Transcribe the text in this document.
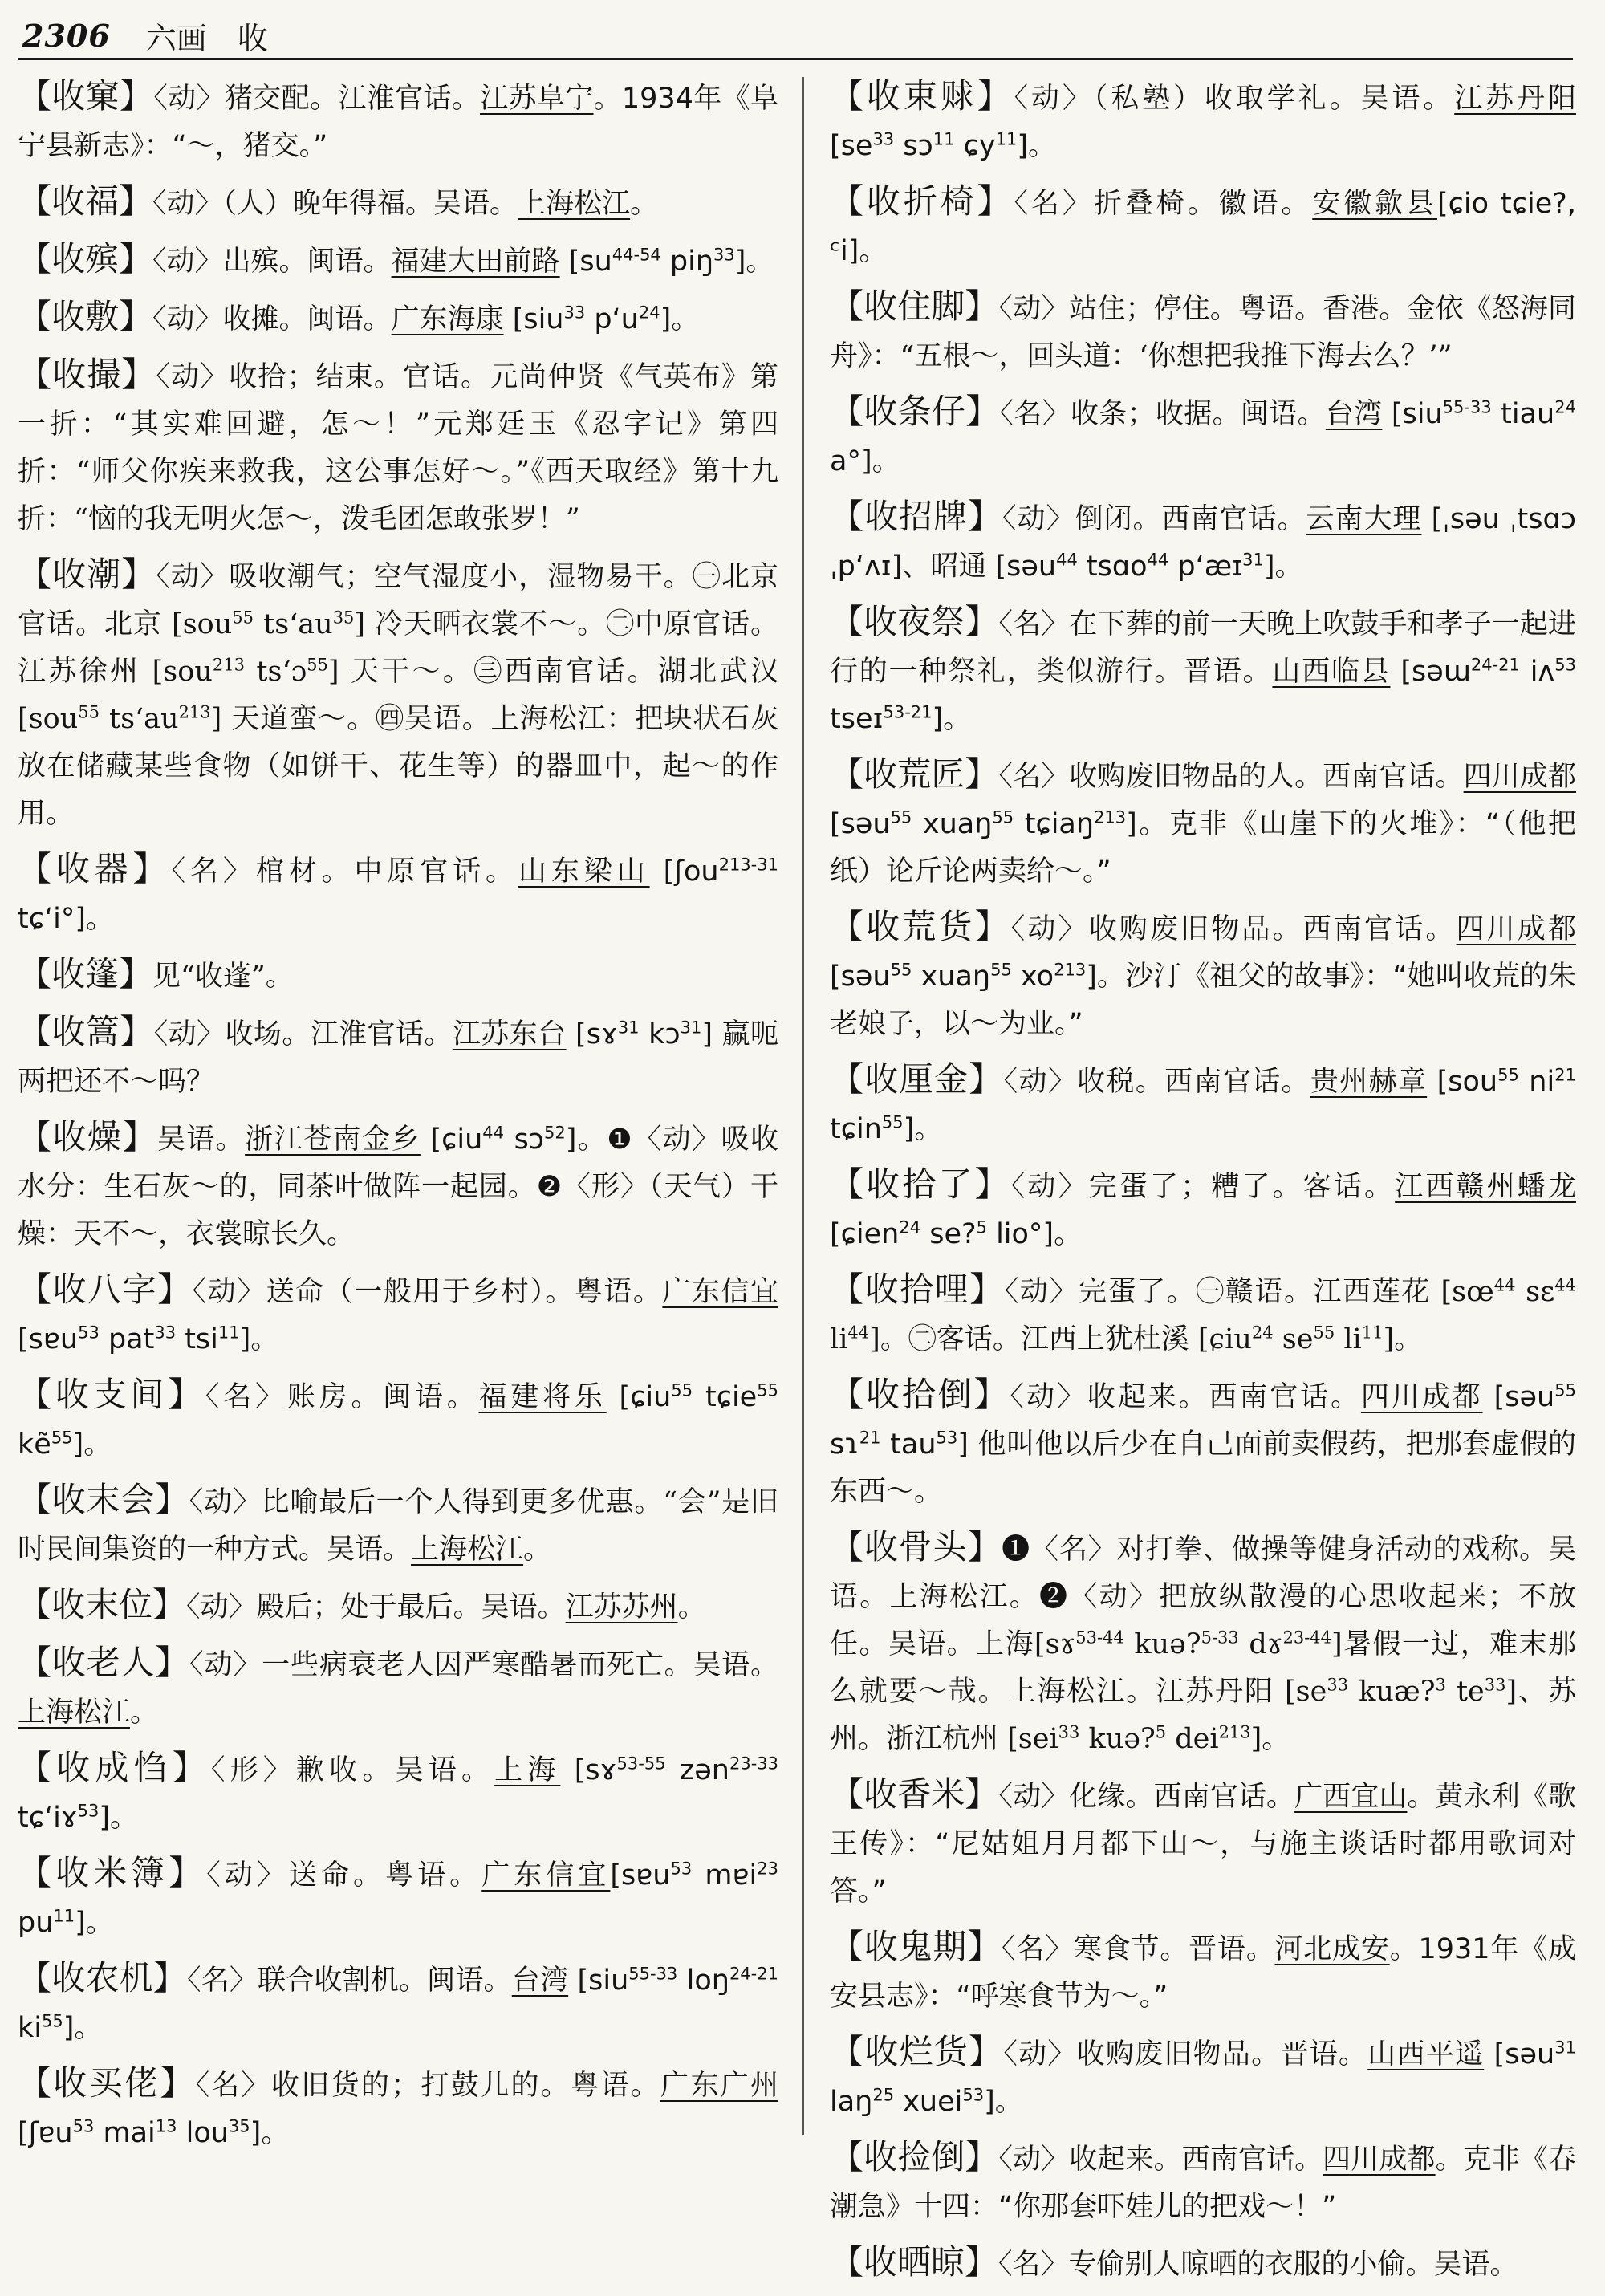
2306 六画　收
【收窠】〈动〉猪交配。江淮官话。江苏阜宁。1934年《阜宁县新志》：“～，猪交。”
【收福】〈动〉（人）晚年得福。吴语。上海松江。
【收殡】〈动〉出殡。闽语。福建大田前路 [$su^{44-54}$ piŋ$^{33}$]。
【收敷】〈动〉收摊。闽语。广东海康 [siu$^{33}$ $p‘u^{24}$]。
【收撮】〈动〉收拾；结束。官话。元尚仲贤《气英布》第一折：“其实难回避，怎～！”元郑廷玉《忍字记》第四折：“师父你疾来救我，这公事怎好～。”《西天取经》第十九折：“恼的我无明火怎～，泼毛团怎敢张罗！”
【收潮】〈动〉吸收潮气；空气湿度小，湿物易干。㊀北京官话。北京 [sou$^{55}$ $ts‘au^{35}$] 冷天晒衣裳不～。㊁中原官话。江苏徐州 [sou$^{213}$ ts‘ɔ$^{55}$] 天干～。㊂西南官话。湖北武汉 [sou$^{55}$ $ts‘au^{213}$] 天道蛮～。㊃吴语。上海松江：把块状石灰放在储藏某些食物（如饼干、花生等）的器皿中，起～的作用。
【收器】〈名〉棺材。中原官话。山东梁山 [ʃou$^{213-31}$ tɕ‘i°]。
【收篷】见“收蓬”。
【收篙】〈动〉收场。江淮官话。江苏东台 [sɤ$^{31}$ kɔ$^{31}$] 赢呃两把还不～吗？
【收燥】吴语。浙江苍南金乡 [ɕiu$^{44}$ sɔ$^{52}$]。❶〈动〉吸收水分：生石灰～的，同茶叶做阵一起园。❷〈形〉（天气）干燥：天不～，衣裳晾长久。
【收八字】〈动〉送命（一般用于乡村）。粤语。广东信宜 [sɐu$^{53}$ pat$^{33}$ tsi$^{11}$]。
【收支间】〈名〉账房。闽语。福建将乐 [ɕiu$^{55}$ tɕie$^{55}$ kẽ$^{55}$]。
【收末会】〈动〉比喻最后一个人得到更多优惠。“会”是旧时民间集资的一种方式。吴语。上海松江。
【收末位】〈动〉殿后；处于最后。吴语。江苏苏州。
【收老人】〈动〉一些病衰老人因严寒酷暑而死亡。吴语。上海松江。
【收成㤘】〈形〉歉收。吴语。上海 [sɤ$^{53-55}$ zən$^{23-33}$ tɕ‘iɤ$^{53}$]。
【收米簿】〈动〉送命。粤语。广东信宜[sɐu$^{53}$ mɐi$^{23}$ $pu^{11}$]。
【收农机】〈名〉联合收割机。闽语。台湾 [siu$^{55-33}$ loŋ$^{24-21}$ $ki^{55}$]。
【收买佬】〈名〉收旧货的；打鼓儿的。粤语。广东广州 [ʃɐu$^{53}$ mai$^{13}$ lou$^{35}$]。
【收束赇】〈动〉（私塾）收取学礼。吴语。江苏丹阳 [$se^{33}$ sɔ$^{11}$ ɕy$^{11}$]。
【收折椅】〈名〉折叠椅。徽语。安徽歙县[ɕio tɕie?, ᶜi]。
【收住脚】〈动〉站住；停住。粤语。香港。金依《怒海同舟》：“五根～，回头道：‘你想把我推下海去么？’”
【收条仔】〈名〉收条；收据。闽语。台湾 [siu$^{55-33}$ tiau$^{24}$ a°]。
【收招牌】〈动〉倒闭。西南官话。云南大理 [ˌsəu ˌtsɑɔ ˌp‘ʌɪ]、昭通 [səu$^{44}$ tsɑo$^{44}$ p‘æɪ$^{31}$]。
【收夜祭】〈名〉在下葬的前一天晚上吹鼓手和孝子一起进行的一种祭礼，类似游行。晋语。山西临县 [səɯ$^{24-21}$ iʌ$^{53}$ tseɪ$^{53-21}$]。
【收荒匠】〈名〉收购废旧物品的人。西南官话。四川成都 [səu$^{55}$ xuaŋ$^{55}$ tɕiaŋ$^{213}$]。克非《山崖下的火堆》：“（他把纸）论斤论两卖给～。”
【收荒货】〈动〉收购废旧物品。西南官话。四川成都 [səu$^{55}$ xuaŋ$^{55}$ $xo^{213}$]。沙汀《祖父的故事》：“她叫收荒的朱老娘子，以～为业。”
【收厘金】〈动〉收税。西南官话。贵州赫章 [sou$^{55}$ $ni^{21}$ tɕin$^{55}$]。
【收拾了】〈动〉完蛋了；糟了。客话。江西赣州蟠龙 [ɕien$^{24}$ se?$^5$ lio°]。
【收拾哩】〈动〉完蛋了。㊀赣语。江西莲花 [$sœ^{44}$ sɛ$^{44}$ $li^{44}$]。㊁客话。江西上犹杜溪 [ɕiu$^{24}$ $se^{55}$ $li^{11}$]。
【收拾倒】〈动〉收起来。西南官话。四川成都 [səu$^{55}$ sɿ$^{21}$ tau$^{53}$] 他叫他以后少在自己面前卖假药，把那套虚假的东西～。
【收骨头】❶〈名〉对打拳、做操等健身活动的戏称。吴语。上海松江。❷〈动〉把放纵散漫的心思收起来；不放任。吴语。上海[sɤ$^{53-44}$ kuə?$^{5-33}$ dɤ$^{23-44}$]暑假一过，难末那么就要～哉。上海松江。江苏丹阳 [$se^{33}$ kuæ?$^3$ $te^{33}$]、苏州。浙江杭州 [sei$^{33}$ kuə?$^5$ dei$^{213}$]。
【收香米】〈动〉化缘。西南官话。广西宜山。黄永利《歌王传》：“尼姑姐月月都下山～，与施主谈话时都用歌词对答。”
【收鬼期】〈名〉寒食节。晋语。河北成安。1931年《成安县志》：“呼寒食节为～。”
【收烂货】〈动〉收购废旧物品。晋语。山西平遥 [səu$^{31}$ laŋ$^{25}$ xuei$^{53}$]。
【收捡倒】〈动〉收起来。西南官话。四川成都。克非《春潮急》十四：“你那套吓娃儿的把戏～！”
【收晒晾】〈名〉专偷别人晾晒的衣服的小偷。吴语。
